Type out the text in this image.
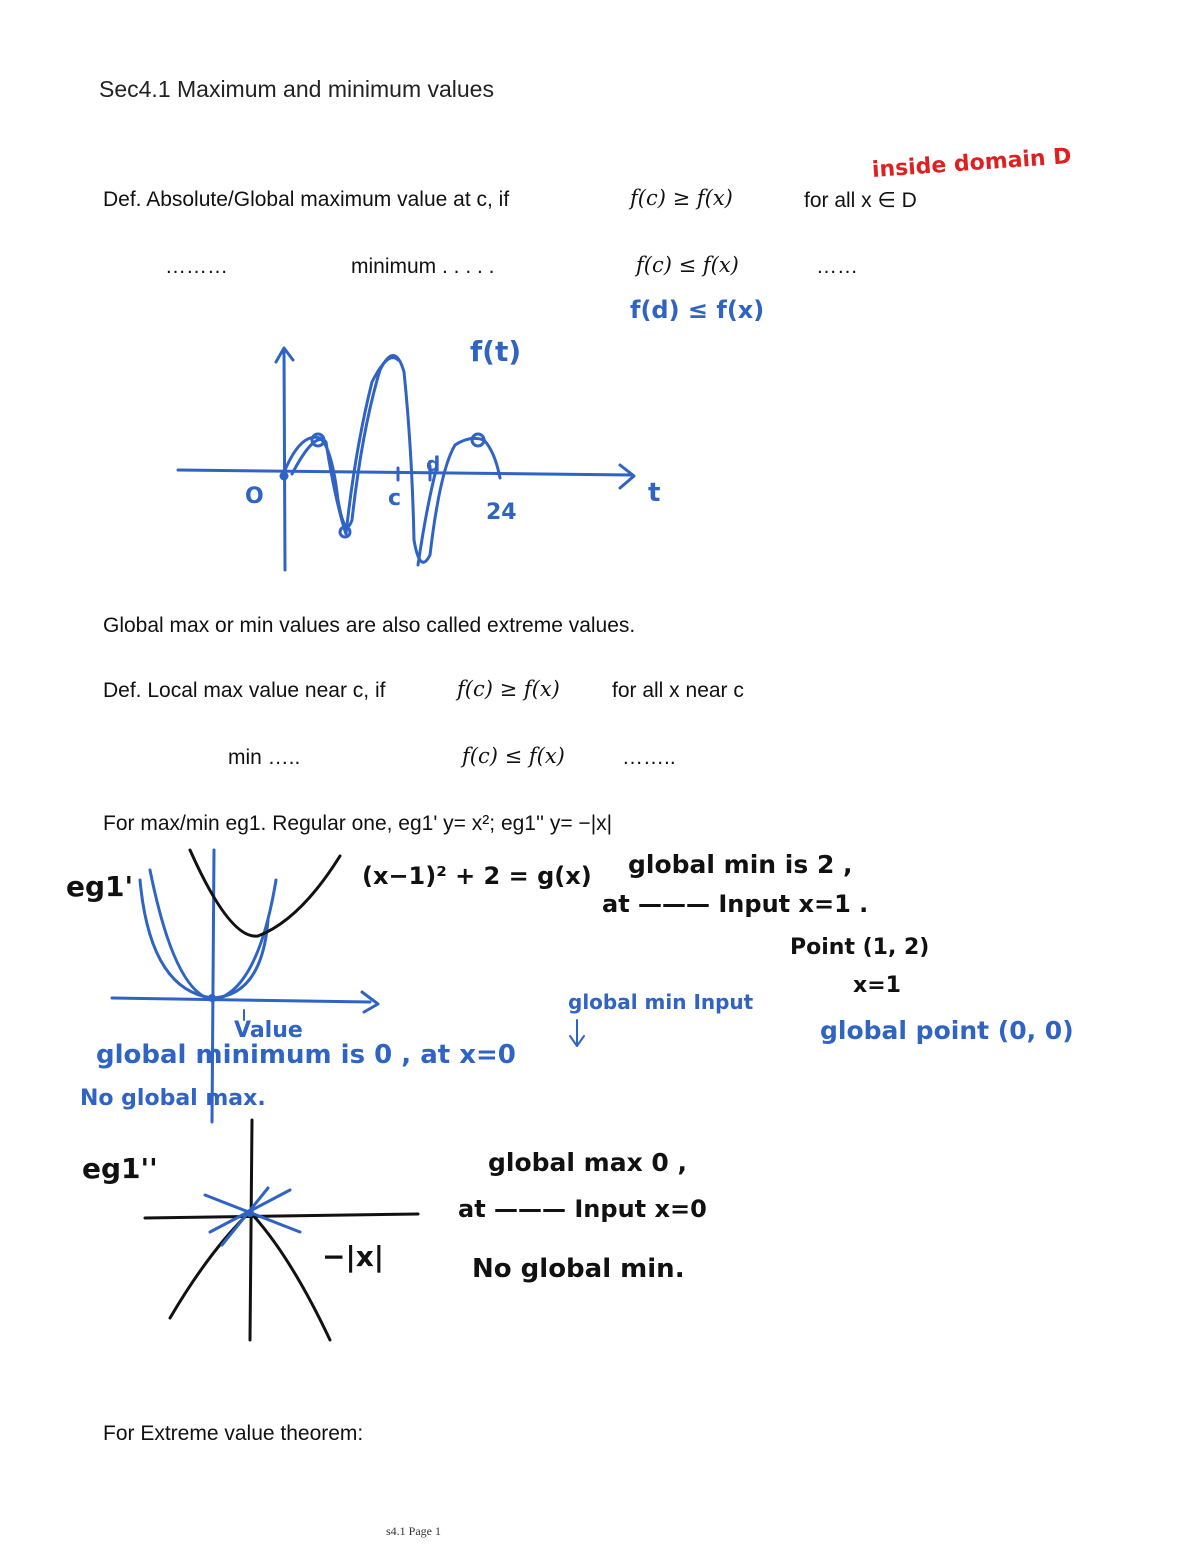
Sec4.1 Maximum and minimum values
Def. Absolute/Global maximum value at c, if	f(c) ≥ f(x)	for all x ∈ D
………	minimum . . . . .	f(c) ≤ f(x)	……
Global max or min values are also called extreme values.
Def. Local max value near c, if	f(c) ≥ f(x) for all x near c
min …..	f(c) ≤ f(x)	……..
For max/min eg1. Regular one, eg1' y= x²; eg1'' y= −|x|
For Extreme value theorem:
s4.1 Page 1
inside domain D
f(d) ≤ f(x)
f(t)
O	c
d
24
t
eg1'	(x−1)² + 2 = g(x) global min is 2 ,
at ——— Input x=1 .
Point (1, 2)
x=1
Value
global min Input
global point (0, 0)
global minimum is 0 , at x=0
No global max.
eg1''	global max 0 ,
at ——— Input x=0
−|x|	No global min.
